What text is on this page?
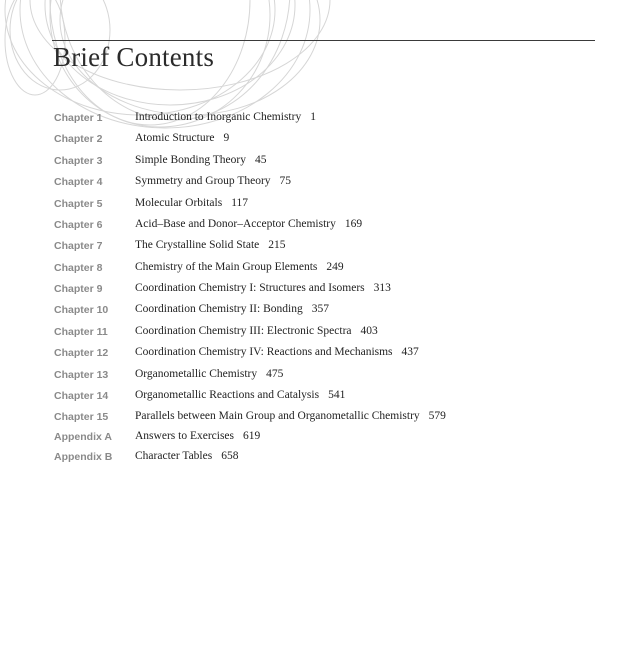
Brief Contents
Chapter 1	Introduction to Inorganic Chemistry 1
Chapter 2	Atomic Structure 9
Chapter 3	Simple Bonding Theory 45
Chapter 4	Symmetry and Group Theory 75
Chapter 5	Molecular Orbitals 117
Chapter 6	Acid–Base and Donor–Acceptor Chemistry 169
Chapter 7	The Crystalline Solid State 215
Chapter 8	Chemistry of the Main Group Elements 249
Chapter 9	Coordination Chemistry I: Structures and Isomers 313
Chapter 10 Coordination Chemistry II: Bonding 357
Chapter 11 Coordination Chemistry III: Electronic Spectra 403
Chapter 12 Coordination Chemistry IV: Reactions and Mechanisms 437
Chapter 13 Organometallic Chemistry 475
Chapter 14 Organometallic Reactions and Catalysis 541
Chapter 15 Parallels between Main Group and Organometallic Chemistry 579
Appendix A Answers to Exercises 619
Appendix B Character Tables 658
